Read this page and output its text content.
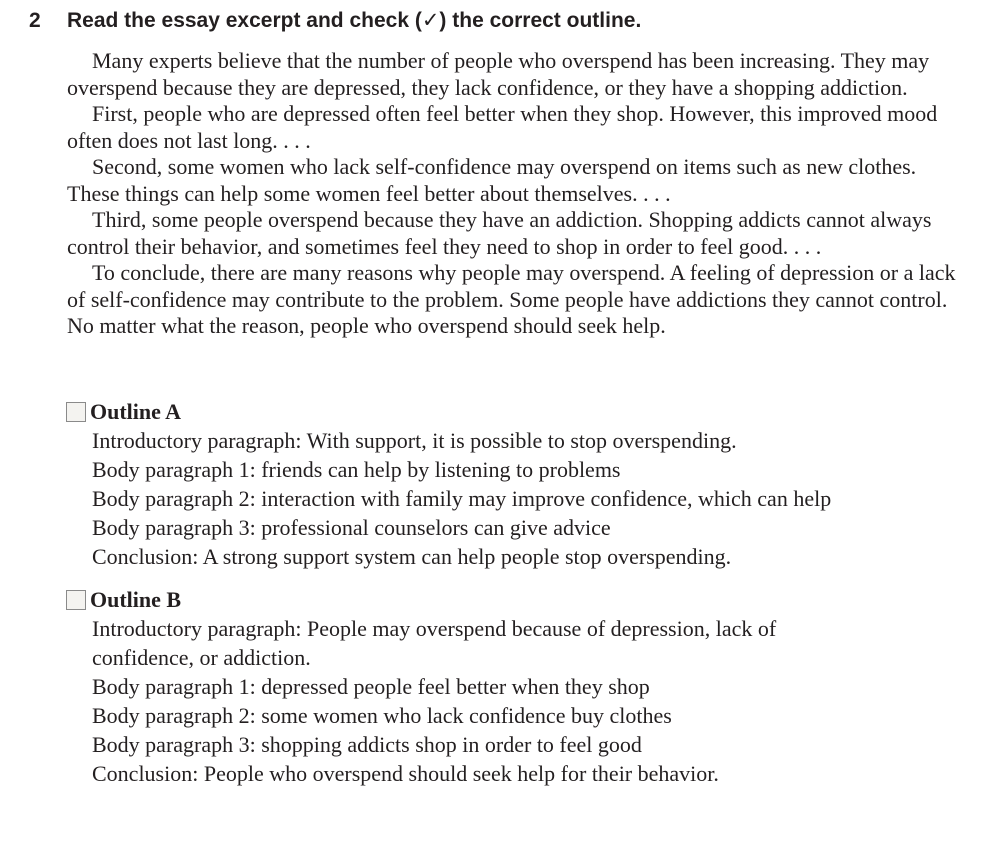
2	Read the essay excerpt and check (✓) the correct outline.

Many experts believe that the number of people who overspend has been increasing. They may overspend because they are depressed, they lack confidence, or they have a shopping addiction.

First, people who are depressed often feel better when they shop. However, this improved mood often does not last long. . . .

Second, some women who lack self-confidence may overspend on items such as new clothes. These things can help some women feel better about themselves. . . .

Third, some people overspend because they have an addiction. Shopping addicts cannot always control their behavior, and sometimes feel they need to shop in order to feel good. . . .

To conclude, there are many reasons why people may overspend. A feeling of depression or a lack of self-confidence may contribute to the problem. Some people have addictions they cannot control. No matter what the reason, people who overspend should seek help.

Outline A
Introductory paragraph: With support, it is possible to stop overspending.
Body paragraph 1: friends can help by listening to problems
Body paragraph 2: interaction with family may improve confidence, which can help
Body paragraph 3: professional counselors can give advice
Conclusion: A strong support system can help people stop overspending.
Outline B
Introductory paragraph: People may overspend because of depression, lack of confidence, or addiction.
Body paragraph 1: depressed people feel better when they shop
Body paragraph 2: some women who lack confidence buy clothes
Body paragraph 3: shopping addicts shop in order to feel good
Conclusion: People who overspend should seek help for their behavior.
